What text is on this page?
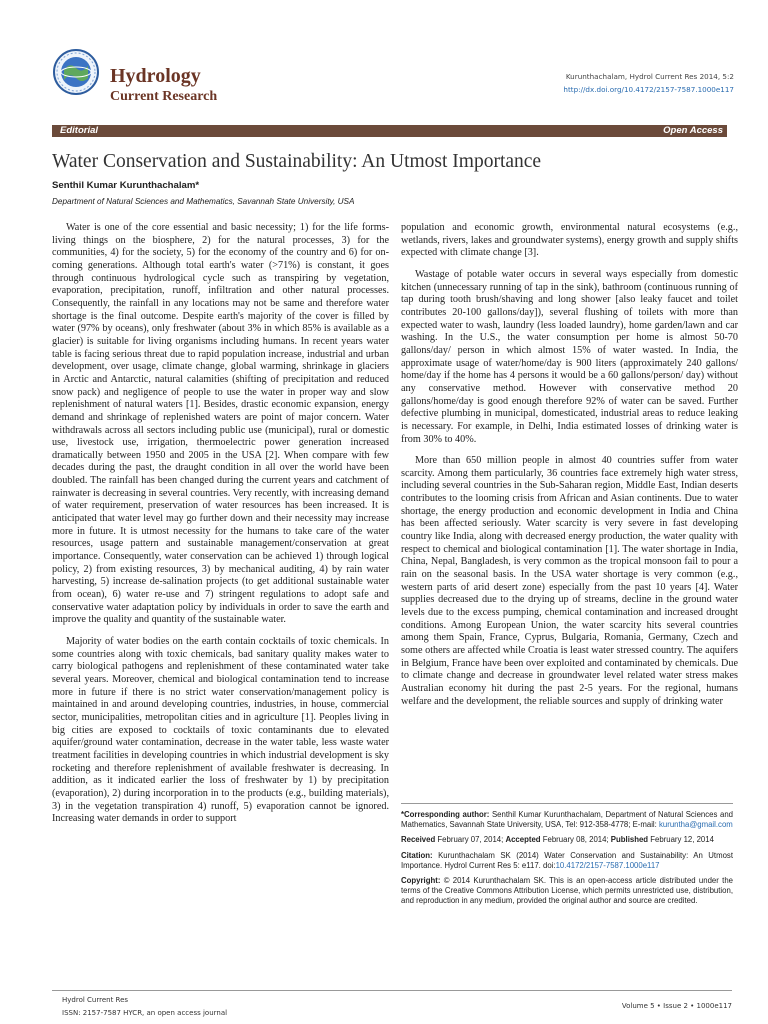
Hydrology
Current Research
Kurunthachalam, Hydrol Current Res 2014, 5:2
http://dx.doi.org/10.4172/2157-7587.1000e117
Editorial	Open Access
Water Conservation and Sustainability: An Utmost Importance
Senthil Kumar Kurunthachalam*
Department of Natural Sciences and Mathematics, Savannah State University, USA

Water is one of the core essential and basic necessity; 1) for the life forms-living things on the biosphere, 2) for the natural processes, 3) for the communities, 4) for the society, 5) for the economy of the country and 6) for on-coming generations. Although total earth's water (>71%) is constant, it goes through continuous hydrological cycle such as transpiring by vegetation, evaporation, precipitation, runoff, infiltration and other natural processes. Consequently, the rainfall in any locations may not be same and therefore water shortage is the final outcome. Despite earth's majority of the cover is filled by water (97% by oceans), only freshwater (about 3% in which 85% is available as a glacier) is suitable for living organisms including humans. In recent years water table is facing serious threat due to rapid population increase, industrial and urban development, over usage, climate change, global warming, shrinkage in glaciers in Arctic and Antarctic, natural calamities (shifting of precipitation and reduced snow pack) and negligence of people to use the water in proper way and slow replenishment of natural waters [1]. Besides, drastic economic expansion, energy demand and shrinkage of replenished waters are point of major concern. Water withdrawals across all sectors including public use (municipal), rural or domestic use, livestock use, irrigation, thermoelectric power generation increased dramatically between 1950 and 2005 in the USA [2]. When compare with few decades during the past, the draught condition in all over the world have been doubled. The rainfall has been changed during the current years and catchment of rainwater is decreasing in several countries. Very recently, with increasing demand of water requirement, preservation of water resources has been increased. It is anticipated that water level may go further down and their necessity may increase more in future. It is utmost necessity for the humans to take care of the water resources, usage pattern and sustainable management/conservation at great importance. Consequently, water conservation can be achieved 1) through logical policy, 2) from existing resources, 3) by mechanical auditing, 4) by rain water harvesting, 5) increase de-salination projects (to get additional sustainable water from ocean), 6) water re-use and 7) stringent regulations to adopt safe and conservative water adaptation policy by individuals in order to save the earth and improve the quality and quantity of the sustainable water.

Majority of water bodies on the earth contain cocktails of toxic chemicals. In some countries along with toxic chemicals, bad sanitary quality makes water to carry biological pathogens and replenishment of these contaminated water take several years. Moreover, chemical and biological contamination tend to increase more in future if there is no strict water conservation/management policy is maintained in and around developing countries, industries, in house, commercial sector, municipalities, metropolitan cities and in agriculture [1]. Peoples living in big cities are exposed to cocktails of toxic contaminants due to elevated aquifer/ground water contamination, decrease in the water table, less waste water treatment facilities in developing countries in which industrial development is sky rocketing and therefore replenishment of available freshwater is decreasing. In addition, as it indicated earlier the loss of freshwater by 1) by precipitation (evaporation), 2) during incorporation in to the products (e.g., building materials), 3) in the vegetation transpiration 4) runoff, 5) evaporation cannot be ignored. Increasing water demands in order to support

population and economic growth, environmental natural ecosystems (e.g., wetlands, rivers, lakes and groundwater systems), energy growth and supply shifts expected with climate change [3].

Wastage of potable water occurs in several ways especially from domestic kitchen (unnecessary running of tap in the sink), bathroom (continuous running of tap during tooth brush/shaving and long shower [also leaky faucet and toilet contributes 20-100 gallons/day]), several flushing of toilets with more than expected water to wash, laundry (less loaded laundry), home garden/lawn and car washing. In the U.S., the water consumption per home is almost 50-70 gallons/day/ person in which almost 15% of water wasted. In India, the approximate usage of water/home/day is 900 liters (approximately 240 gallons/ home/day if the home has 4 persons it would be a 60 gallons/person/ day) without any conservative method. However with conservative method 20 gallons/home/day is good enough therefore 92% of water can be saved. Further defective plumbing in municipal, domesticated, industrial areas to reduce leaking is necessary. For example, in Delhi, India estimated losses of drinking water is from 30% to 40%.

More than 650 million people in almost 40 countries suffer from water scarcity. Among them particularly, 36 countries face extremely high water stress, including several countries in the Sub-Saharan region, Middle East, Indian deserts contributes to the looming crisis from African and Asian continents. Due to water shortage, the energy production and economic development in India and China has been affected seriously. Water scarcity is very severe in fast developing country like India, along with decreased energy production, the water quality with respect to chemical and biological contamination [1]. The water shortage in India, China, Nepal, Bangladesh, is very common as the tropical monsoon fail to pour a rain on the seasonal basis. In the USA water shortage is very common (e.g., western parts of arid desert zone) especially from the past 10 years [4]. Water supplies decreased due to the drying up of streams, decline in the ground water levels due to the excess pumping, chemical contamination and increased drought conditions. Among European Union, the water scarcity hits several countries among them Spain, France, Cyprus, Bulgaria, Romania, Germany, Czech and some others are affected while Croatia is least water stressed country. The aquifers in Belgium, France have been over exploited and contaminated by chemicals. Due to climate change and decrease in groundwater level related water stress makes Australian economy hit during the past 2-5 years. For the regional, humans welfare and the development, the reliable sources and supply of drinking water

*Corresponding author: Senthil Kumar Kurunthachalam, Department of Natural Sciences and Mathematics, Savannah State University, USA, Tel: 912-358-4778; E-mail: kuruntha@gmail.com

Received February 07, 2014; Accepted February 08, 2014; Published February 12, 2014

Citation: Kurunthachalam SK (2014) Water Conservation and Sustainability: An Utmost Importance. Hydrol Current Res 5: e117. doi:10.4172/2157-7587.1000e117

Copyright: © 2014 Kurunthachalam SK. This is an open-access article distributed under the terms of the Creative Commons Attribution License, which permits unrestricted use, distribution, and reproduction in any medium, provided the original author and source are credited.

Hydrol Current Res
ISSN: 2157-7587 HYCR, an open access journal
Volume 5 • Issue 2 • 1000e117
